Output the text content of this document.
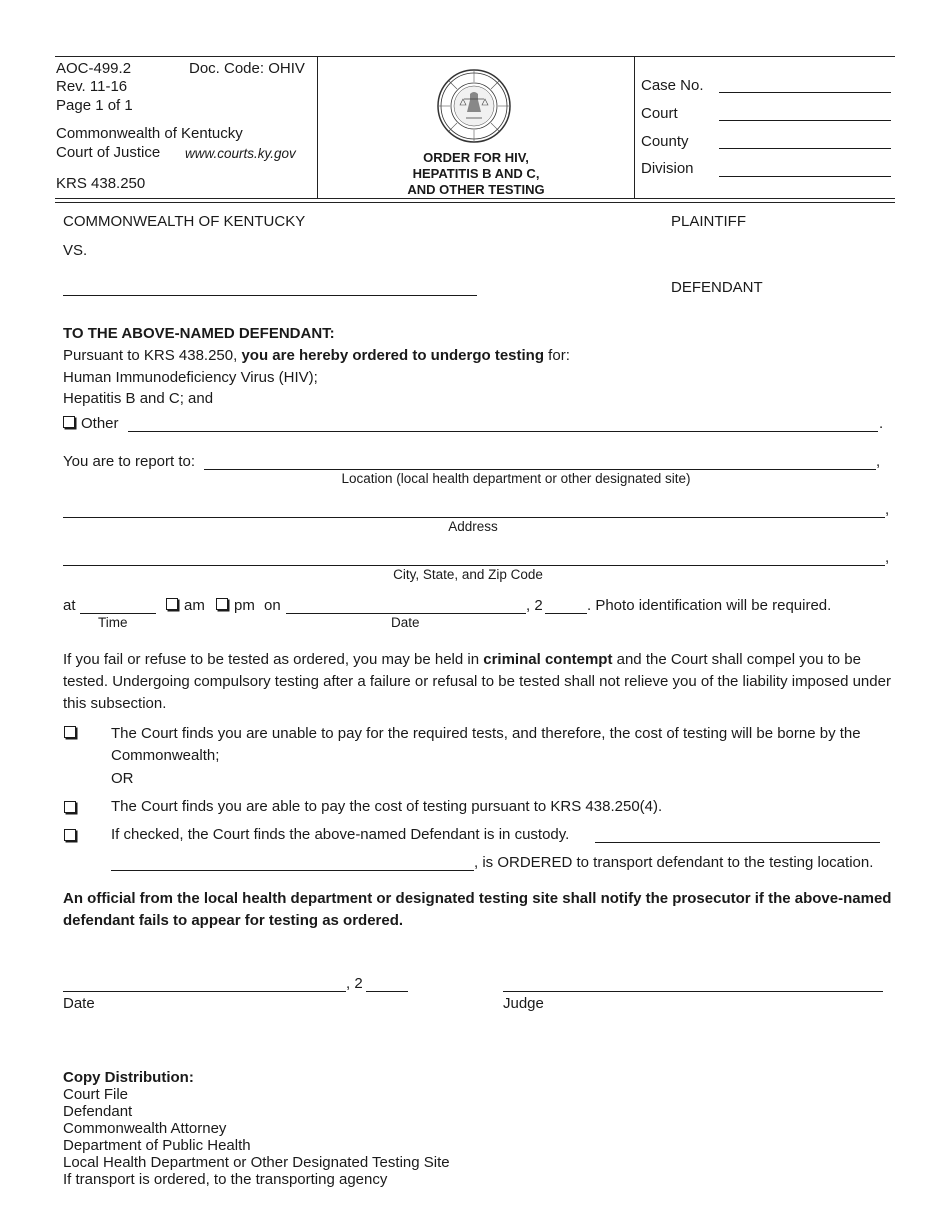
AOC-499.2	Doc. Code: OHIV
Rev. 11-16
Page 1 of 1
Commonwealth of Kentucky
Court of Justice www.courts.ky.gov
KRS 438.250
ORDER FOR HIV,
HEPATITIS B AND C,
AND OTHER TESTING
Case No.
Court
County
Division
COMMONWEALTH OF KENTUCKY	PLAINTIFF
VS.
DEFENDANT
TO THE ABOVE-NAMED DEFENDANT:
Pursuant to KRS 438.250, you are hereby ordered to undergo testing for:
Human Immunodeficiency Virus (HIV);
Hepatitis B and C; and
Other	.
You are to report to:	,
Location (local health department or other designated site)
,
Address
,
City, State, and Zip Code
at	am	pm on	, 2	. Photo identification will be required.
Time	Date
If you fail or refuse to be tested as ordered, you may be held in criminal contempt and the Court shall compel you to be tested. Undergoing compulsory testing after a failure or refusal to be tested shall not relieve you of the liability imposed under this subsection.
The Court finds you are unable to pay for the required tests, and therefore, the cost of testing will be borne by the Commonwealth;
OR
The Court finds you are able to pay the cost of testing pursuant to KRS 438.250(4).
If checked, the Court finds the above-named Defendant is in custody.
, is ORDERED to transport defendant to the testing location.
An official from the local health department or designated testing site shall notify the prosecutor if the above-named defendant fails to appear for testing as ordered.
, 2
Date	Judge
Copy Distribution:
Court File
Defendant
Commonwealth Attorney
Department of Public Health
Local Health Department or Other Designated Testing Site
If transport is ordered, to the transporting agency
